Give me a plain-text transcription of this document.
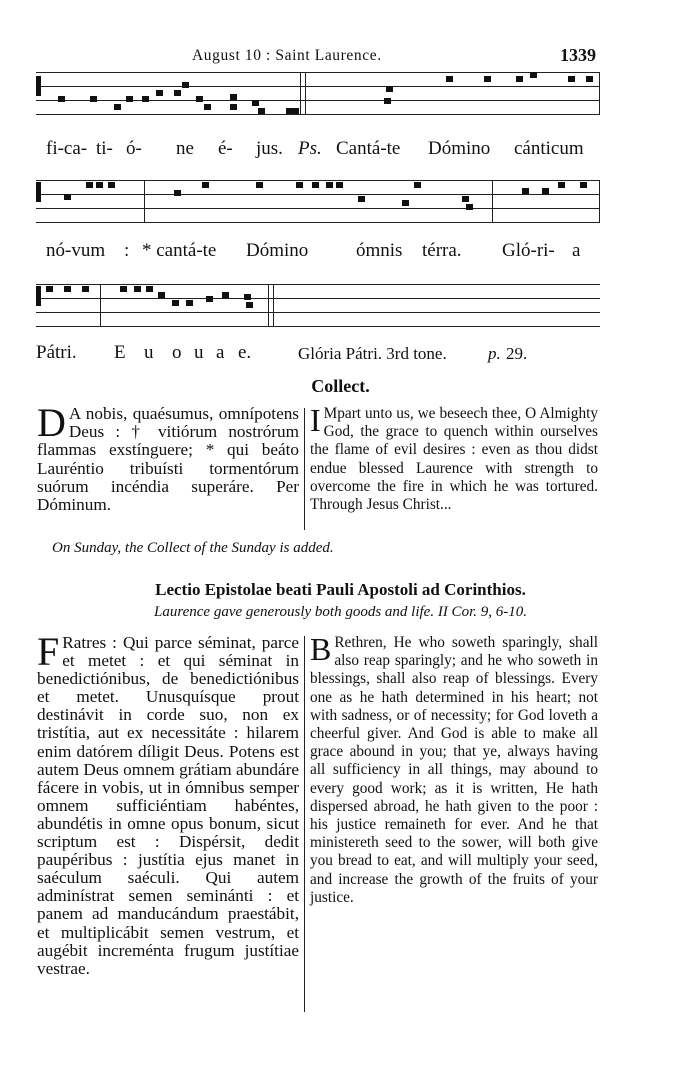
August 10 : Saint Laurence.	1339
fi-ca- ti- ó- ne é- jus. Ps. Cantá-te Dómino cánticum
nó-vum : * cantá-te Dómino	ómnis térra. Gló-ri- a
Pátri. E u o u a e.	Glória Pátri. 3rd tone. p. 29.
Collect.
D A nobis, quaésumus, omnípotens Deus : † vitiórum nostrórum flammas exstínguere; * qui beáto Lauréntio tribuísti tormentórum suórum incéndia superáre. Per Dóminum.
I Mpart unto us, we beseech thee, O Almighty God, the grace to quench within ourselves the flame of evil desires : even as thou didst endue blessed Laurence with strength to overcome the fire in which he was tortured. Through Jesus Christ...
On Sunday, the Collect of the Sunday is added.
Lectio Epistolae beati Pauli Apostoli ad Corinthios.
Laurence gave generously both goods and life. II Cor. 9, 6-10.
F Ratres : Qui parce séminat, parce et metet : et qui séminat in benedictiónibus, de benedictiónibus et metet. Unusquísque prout destinávit in corde suo, non ex tristítia, aut ex necessitáte : hilarem enim datórem díligit Deus. Potens est autem Deus omnem grátiam abundáre fácere in vobis, ut in ómnibus semper omnem sufficiéntiam habéntes, abundétis in omne opus bonum, sicut scriptum est : Dispérsit, dedit paupéribus : justítia ejus manet in saéculum saéculi. Qui autem adminístrat semen seminánti : et panem ad manducándum praestábit, et multiplicábit semen vestrum, et augébit increménta frugum justítiae vestrae.
B Rethren, He who soweth sparingly, shall also reap sparingly; and he who soweth in blessings, shall also reap of blessings. Every one as he hath determined in his heart; not with sadness, or of necessity; for God loveth a cheerful giver. And God is able to make all grace abound in you; that ye, always having all sufficiency in all things, may abound to every good work; as it is written, He hath dispersed abroad, he hath given to the poor : his justice remaineth for ever. And he that ministereth seed to the sower, will both give you bread to eat, and will multiply your seed, and increase the growth of the fruits of your justice.
